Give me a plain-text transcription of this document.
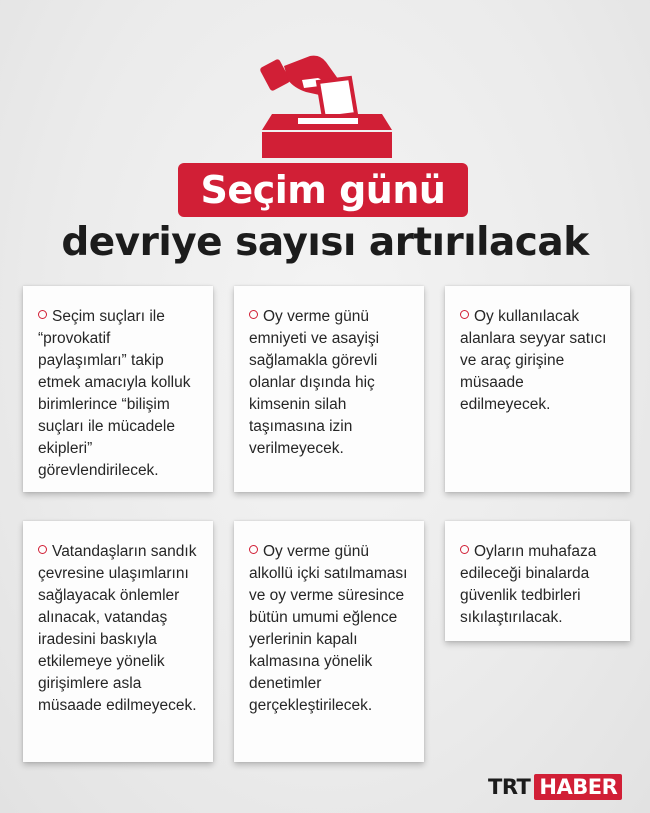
Seçim günü
devriye sayısı artırılacak
Seçim suçları ile “provokatif paylaşımları” takip etmek amacıyla kolluk birimlerince “bilişim suçları ile mücadele ekipleri” görevlendirilecek.
Oy verme günü emniyeti ve asayişi sağlamakla görevli olanlar dışında hiç kimsenin silah taşımasına izin verilmeyecek.
Oy kullanılacak alanlara seyyar satıcı ve araç girişine müsaade edilmeyecek.
Vatandaşların sandık çevresine ulaşımlarını sağlayacak önlemler alınacak, vatandaş iradesini baskıyla etkilemeye yönelik girişimlere asla müsaade edilmeyecek.
Oy verme günü alkollü içki satılmaması ve oy verme süresince bütün umumi eğlence yerlerinin kapalı kalmasına yönelik denetimler gerçekleştirilecek.
Oyların muhafaza edileceği binalarda güvenlik tedbirleri sıkılaştırılacak.
TRT HABER
